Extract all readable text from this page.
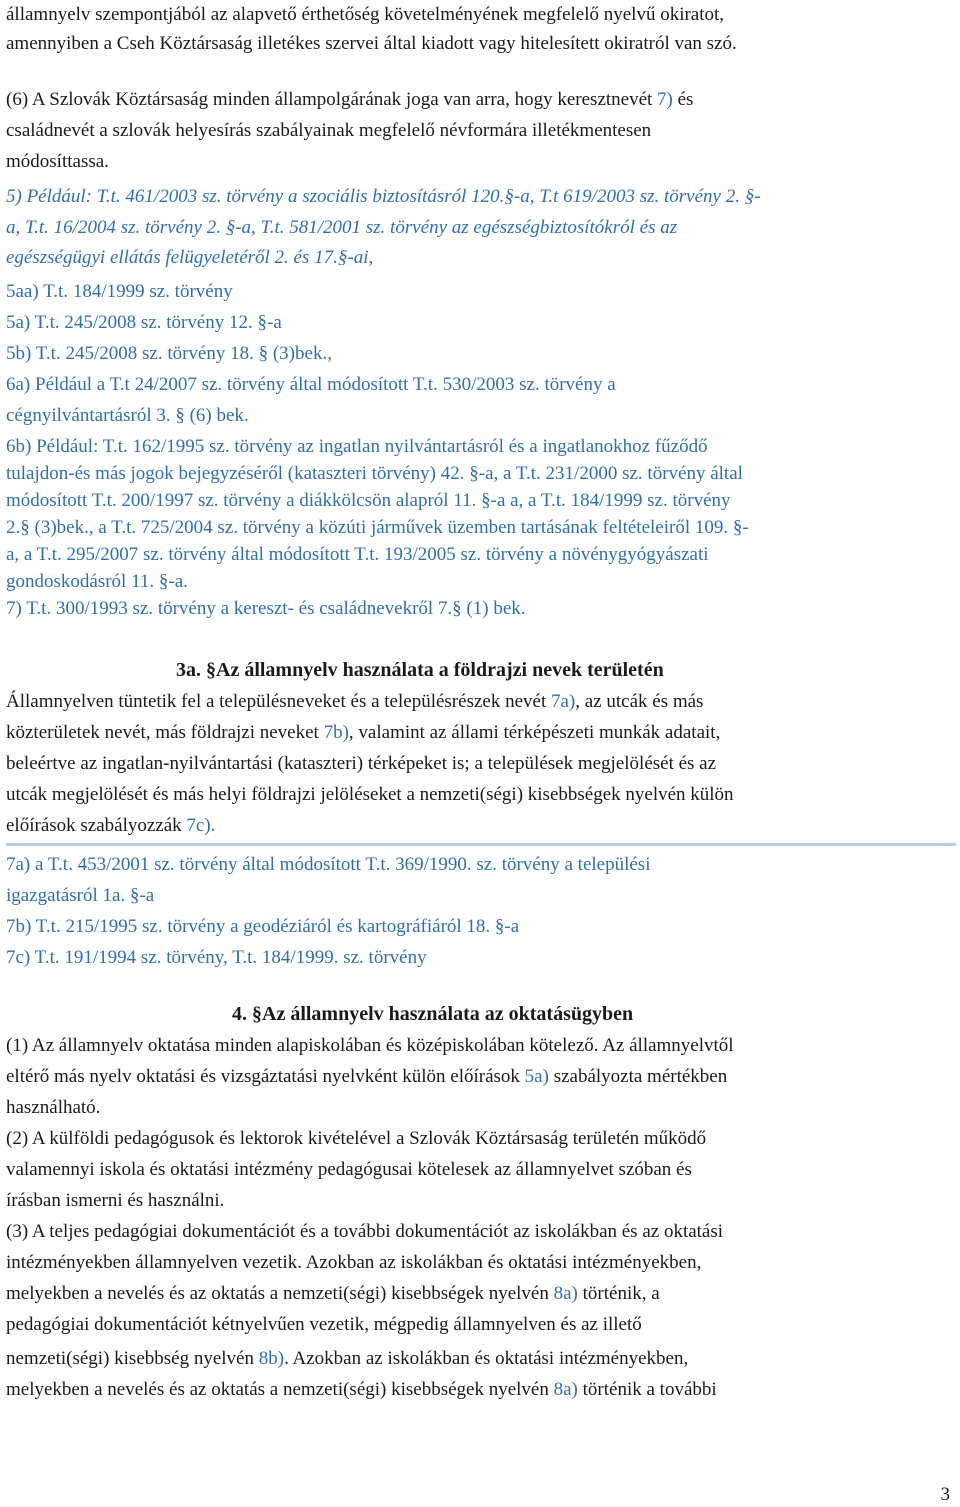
államnyelv szempontjából az alapvető érthetőség követelményének megfelelő nyelvű okiratot,
amennyiben a Cseh Köztársaság illetékes szervei által kiadott vagy hitelesített okiratról van szó.
(6) A Szlovák Köztársaság minden állampolgárának joga van arra, hogy keresztnevét 7) és
családnevét a szlovák helyesírás szabályainak megfelelő névformára illetékmentesen
módosíttassa.
5) Például: T.t. 461/2003 sz. törvény a szociális biztosításról 120.§-a, T.t 619/2003 sz. törvény 2. §-
a, T.t. 16/2004 sz. törvény 2. §-a, T.t. 581/2001 sz. törvény az egészségbiztosítókról és az
egészségügyi ellátás felügyeletéről 2. és 17.§-ai,
5aa) T.t. 184/1999 sz. törvény
5a) T.t. 245/2008 sz. törvény 12. §-a
5b) T.t. 245/2008 sz. törvény 18. § (3)bek.,
6a) Például a T.t 24/2007 sz. törvény által módosított T.t. 530/2003 sz. törvény a
cégnyilvántartásról 3. § (6) bek.
6b) Például: T.t. 162/1995 sz. törvény az ingatlan nyilvántartásról és a ingatlanokhoz fűződő
tulajdon-és más jogok bejegyzéséről (kataszteri törvény) 42. §-a, a T.t. 231/2000 sz. törvény által
módosított T.t. 200/1997 sz. törvény a diákkölcsön alapról 11. §-a a, a T.t. 184/1999 sz. törvény
2.§ (3)bek., a T.t. 725/2004 sz. törvény a közúti járművek üzemben tartásának feltételeiről 109. §-
a, a T.t. 295/2007 sz. törvény által módosított T.t. 193/2005 sz. törvény a növénygyógyászati
gondoskodásról 11. §-a.
7) T.t. 300/1993 sz. törvény a kereszt- és családnevekről 7.§ (1) bek.
3a. §Az államnyelv használata a földrajzi nevek területén
Államnyelven tüntetik fel a településneveket és a településrészek nevét 7a), az utcák és más
közterületek nevét, más földrajzi neveket 7b), valamint az állami térképészeti munkák adatait,
beleértve az ingatlan-nyilvántartási (kataszteri) térképeket is; a települések megjelölését és az
utcák megjelölését és más helyi földrajzi jelöléseket a nemzeti(ségi) kisebbségek nyelvén külön
előírások szabályozzák 7c).
7a) a T.t. 453/2001 sz. törvény által módosított T.t. 369/1990. sz. törvény a települési
igazgatásról 1a. §-a
7b) T.t. 215/1995 sz. törvény a geodéziáról és kartográfiáról 18. §-a
7c) T.t. 191/1994 sz. törvény, T.t. 184/1999. sz. törvény
4. §Az államnyelv használata az oktatásügyben
(1) Az államnyelv oktatása minden alapiskolában és középiskolában kötelező. Az államnyelvtől
eltérő más nyelv oktatási és vizsgáztatási nyelvként külön előírások 5a) szabályozta mértékben
használható.
(2) A külföldi pedagógusok és lektorok kivételével a Szlovák Köztársaság területén működő
valamennyi iskola és oktatási intézmény pedagógusai kötelesek az államnyelvet szóban és
írásban ismerni és használni.
(3) A teljes pedagógiai dokumentációt és a további dokumentációt az iskolákban és az oktatási
intézményekben államnyelven vezetik. Azokban az iskolákban és oktatási intézményekben,
melyekben a nevelés és az oktatás a nemzeti(ségi) kisebbségek nyelvén 8a) történik, a
pedagógiai dokumentációt kétnyelvűen vezetik, mégpedig államnyelven és az illető
nemzeti(ségi) kisebbség nyelvén 8b). Azokban az iskolákban és oktatási intézményekben,
melyekben a nevelés és az oktatás a nemzeti(ségi) kisebbségek nyelvén 8a) történik a további
3
